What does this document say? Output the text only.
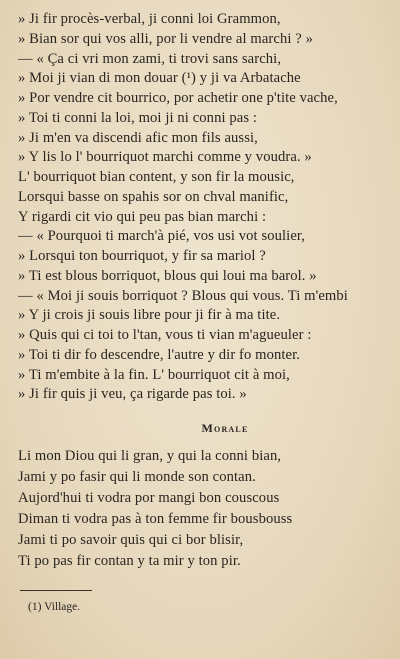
» Ji fir procès-verbal, ji conni loi Grammon,
» Bian sor qui vos alli, por li vendre al marchi ? »
— « Ça ci vri mon zami, ti trovi sans sarchi,
» Moi ji vian di mon douar (¹) y ji va Arbatache
» Por vendre cit bourrico, por achetir one p'tite vache,
» Toi ti conni la loi, moi ji ni conni pas :
» Ji m'en va discendi afic mon fils aussi,
» Y lis lo l' bourriquot marchi comme y voudra. »
L' bourriquot bian content, y son fir la mousic,
Lorsqui basse on spahis sor on chval manific,
Y rigardi cit vio qui peu pas bian marchi :
— « Pourquoi ti march'à pié, vos usi vot soulier,
» Lorsqui ton bourriquot, y fir sa mariol ?
» Ti est blous borriquot, blous qui loui ma barol. »
— « Moi ji souis borriquot ? Blous qui vous. Ti m'embi
» Y ji crois ji souis libre pour ji fir à ma tite.
» Quis qui ci toi to l'tan, vous ti vian m'agueuler :
» Toi ti dir fo descendre, l'autre y dir fo monter.
» Ti m'embite à la fin. L' bourriquot cit à moi,
» Ji fir quis ji veu, ça rigarde pas toi. »
Morale
Li mon Diou qui li gran, y qui la conni bian,
Jami y po fasir qui li monde son contan.
Aujord'hui ti vodra por mangi bon couscous
Diman ti vodra pas à ton femme fir bousbouss
Jami ti po savoir quis qui ci bor blisir,
Ti po pas fir contan y ta mir y ton pir.
(1) Village.
